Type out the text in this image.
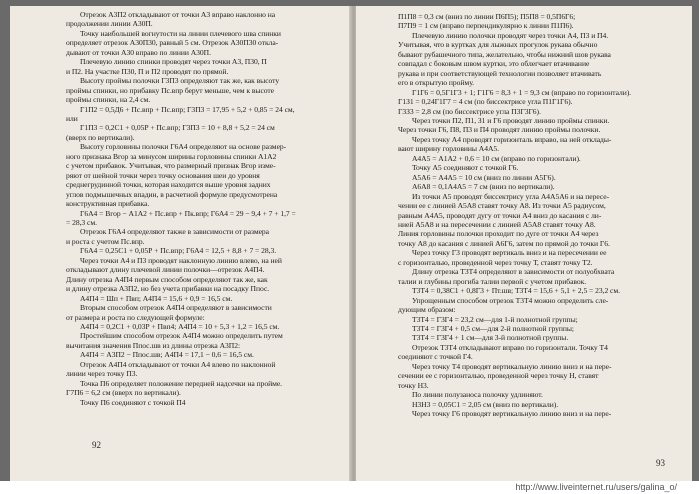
Отрезок А3П2 откладывают от точки А3 вправо наклонно на
продолжении линии А30П.
Точку наибольшей вогнутости на линии плечевого шва спинки
определяет отрезок А30П30, равный 5 см. Отрезок А30П30 отклa-
дывают от точки А30 вправо по линии А30П.
Плечевую линию спинки проводят через точки А3, П30, П
и П2. На участке П30, П и П2 проводят по прямой.
Высоту проймы полочки Г3П3 определяют так же, как высоту
проймы спинки, но прибавку Пс.впр берут меньше, чем к высоте
проймы спинки, на 2,4 см.
Г1П2 = 0,5Д6 + Пс.впр + Пс.впр; Г3П3 = 17,95 + 5,2 + 0,85 = 24 см,
или
Г1П3 = 0,2С1 + 0,05Р + Пс.впр; Г3П3 = 10 + 8,8 + 5,2 = 24 см
(вверх по вертикали).
Высоту горловины полочки Г6А4 определяют на основе размер-
ного признака Вгор за минусом ширины горловины спинки А1А2
с учетом прибавок. Учитывая, что размерный признак Вгор изме-
ряют от шейной точки через точку основания шеи до уровня
среднегрудинной точки, которая находится выше уровня задних
углов подмышечных впадин, в расчетной формуле предусмотрена
конструктивная прибавка.
Г6А4 = Вгор − А1А2 + Пс.впр + Пк.впр; Г6А4 = 29 − 9,4 + 7 + 1,7 =
= 28,3 см.
Отрезок Г6А4 определяют также в зависимости от размера
и роста с учетом Пс.впр.
Г6А4 = 0,25С1 + 0,05Р + Пс.впр; Г6А4 = 12,5 + 8,8 + 7 = 28,3.
Через точки А4 и П3 проводят наклонную линию влево, на ней
откладывают длину плечевой линии полочки—отрезок А4П4.
Длину отрезка А4П4 первым способом определяют так же, как
и длину отрезка А3П2, но без учета прибавки на посадку Ппос.
А4П4 = Шп + Пвп; А4П4 = 15,6 + 0,9 = 16,5 см.
Вторым способом отрезок А4П4 определяют в зависимости
от размера и роста по следующей формуле:
А4П4 = 0,2С1 + 0,03Р + Пвп4; А4П4 = 10 + 5,3 + 1,2 = 16,5 см.
Простейшим способом отрезок А4П4 можно определить путем
вычитания значения Ппос.шв из длины отрезка А3П2:
А4П4 = А3П2 − Ппос.шв; А4П4 = 17,1 − 0,6 = 16,5 см.
Отрезок А4П4 откладывают от точки А4 влево по наклонной
линии через точку П3.
Точка П6 определяет положение передней надсечки на пройме.
Г7П6 = 6,2 см (вверх по вертикали).
Точку П6 соединяют с точкой П4
92
П1П8 = 0,3 см (вниз по линии П6П5); П5П8 = 0,5П6Г6;
П7П9 = 1 см (вправо перпендикулярно к линии П1П6).
Плечевую линию полочки проводят через точки А4, П3 и П4.
Учитывая, что в куртках для лыжных прогулок рукава обычно
бывают рубашечного типа, желательно, чтобы нижний шов рукава
совпадал с боковым швом куртки, это облегчает втачивание
рукава и при соответствующей технологии позволяет втачивать
его в открытую пройму.
Г1Г6 = 0,5Г1Г3 + 1; Г1Г6 = 8,3 + 1 = 9,3 см (вправо по горизонтали).
Г1З1 = 0,24Г1Г7 = 4 см (по биссектрисе угла П1Г1Г6).
Г3З3 = 2,8 см (по биссектрисе угла П3Г3Г6).
Через точки П2, П1, З1 и Г6 проводят линию проймы спинки.
Через точки Г6, П8, П3 и П4 проводят линию проймы полочки.
Через точку А4 проводят горизонталь вправо, на ней отклады-
вают ширину горловины А4А5.
А4А5 = А1А2 + 0,6 = 10 см (вправо по горизонтали).
Точку А5 соединяют с точкой Г6.
А5А6 = А4А5 = 10 см (вниз по линии А5Г6).
А6А8 = 0,1А4А5 = 7 см (вниз по вертикали).
Из точки А5 проводят биссектрису угла А4А5А6 и на пересе-
чении ее с линией А5А8 ставят точку А8. Из точки А5 радиусом,
равным А4А5, проводят дугу от точки А4 вниз до касания с ли-
нией А5А8 и на пересечении с линией А5А8 ставят точку А8.
Линия горловины полочки проходит по дуге от точки А4 через
точку А8 до касания с линией А6Г6, затем по прямой до точки Г6.
Через точку Г3 проводят вертикаль вниз и на пересечении ее
с горизонталью, проведенной через точку Т, ставят точку Т2.
Длину отрезка Т3Т4 определяют в зависимости от полуобхвата
талии и глубины прогиба талии первой с учетом прибавок.
Т3Т4 = 0,38С1 + 0,8Г3 + Пт.шв; Т3Т4 = 15,6 + 5,1 + 2,5 = 23,2 см.
Упрощенным способом отрезок Т3Т4 можно определить сле-
дующим образом:
Т3Т4 = Г3Г4 = 23,2 см—для 1-й полнотной группы;
Т3Т4 = Г3Г4 + 0,5 см—для 2-й полнотной группы;
Т3Т4 = Г3Г4 + 1 см—для 3-й полнотной группы.
Отрезок Т3Т4 откладывают вправо по горизонтали. Точку Т4
соединяют с точкой Г4.
Через точку Т4 проводят вертикальную линию вниз и на пере-
сечении ее с горизонталью, проведенной через точку Н, ставят
точку Н3.
По линии полузаноса полочку удлиняют.
Н3Н3 = 0,05С1 = 2,05 см (вниз по вертикали).
Через точку Г6 проводят вертикальную линию вниз и на пере-
93
http://www.liveinternet.ru/users/galina_o/
